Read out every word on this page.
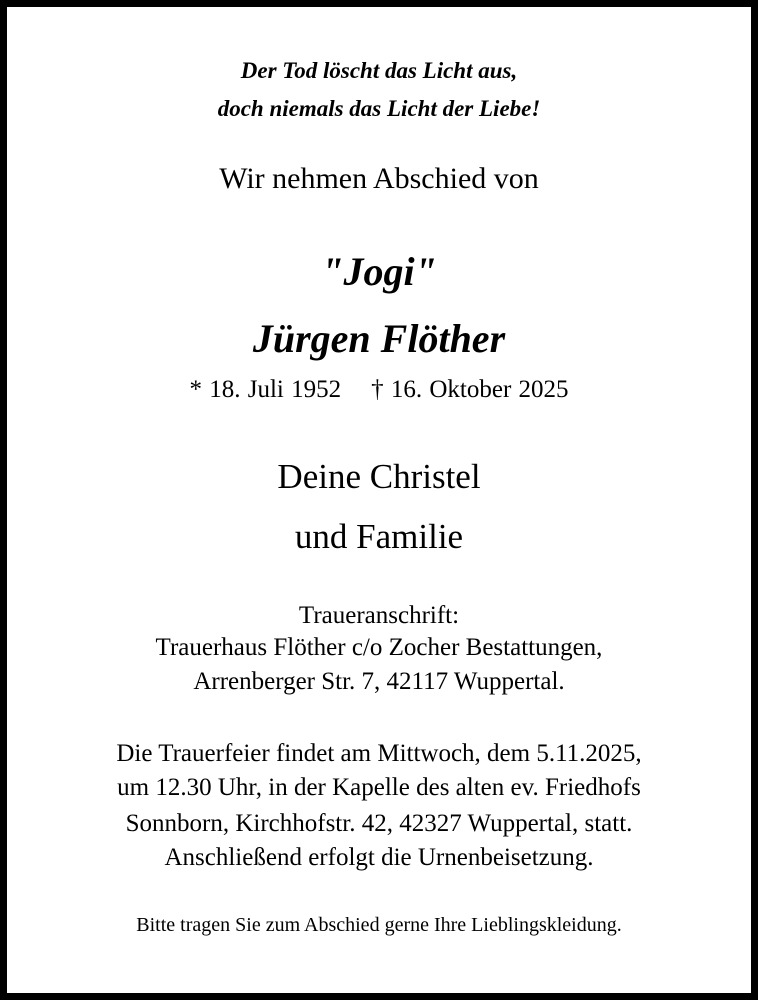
Der Tod löscht das Licht aus,
doch niemals das Licht der Liebe!
Wir nehmen Abschied von
"Jogi"
Jürgen Flöther
* 18. Juli 1952 † 16. Oktober 2025
Deine Christel
und Familie
Traueranschrift:
Trauerhaus Flöther c/o Zocher Bestattungen,
Arrenberger Str. 7, 42117 Wuppertal.
Die Trauerfeier findet am Mittwoch, dem 5.11.2025,
um 12.30 Uhr, in der Kapelle des alten ev. Friedhofs
Sonnborn, Kirchhofstr. 42, 42327 Wuppertal, statt.
Anschließend erfolgt die Urnenbeisetzung.
Bitte tragen Sie zum Abschied gerne Ihre Lieblingskleidung.
